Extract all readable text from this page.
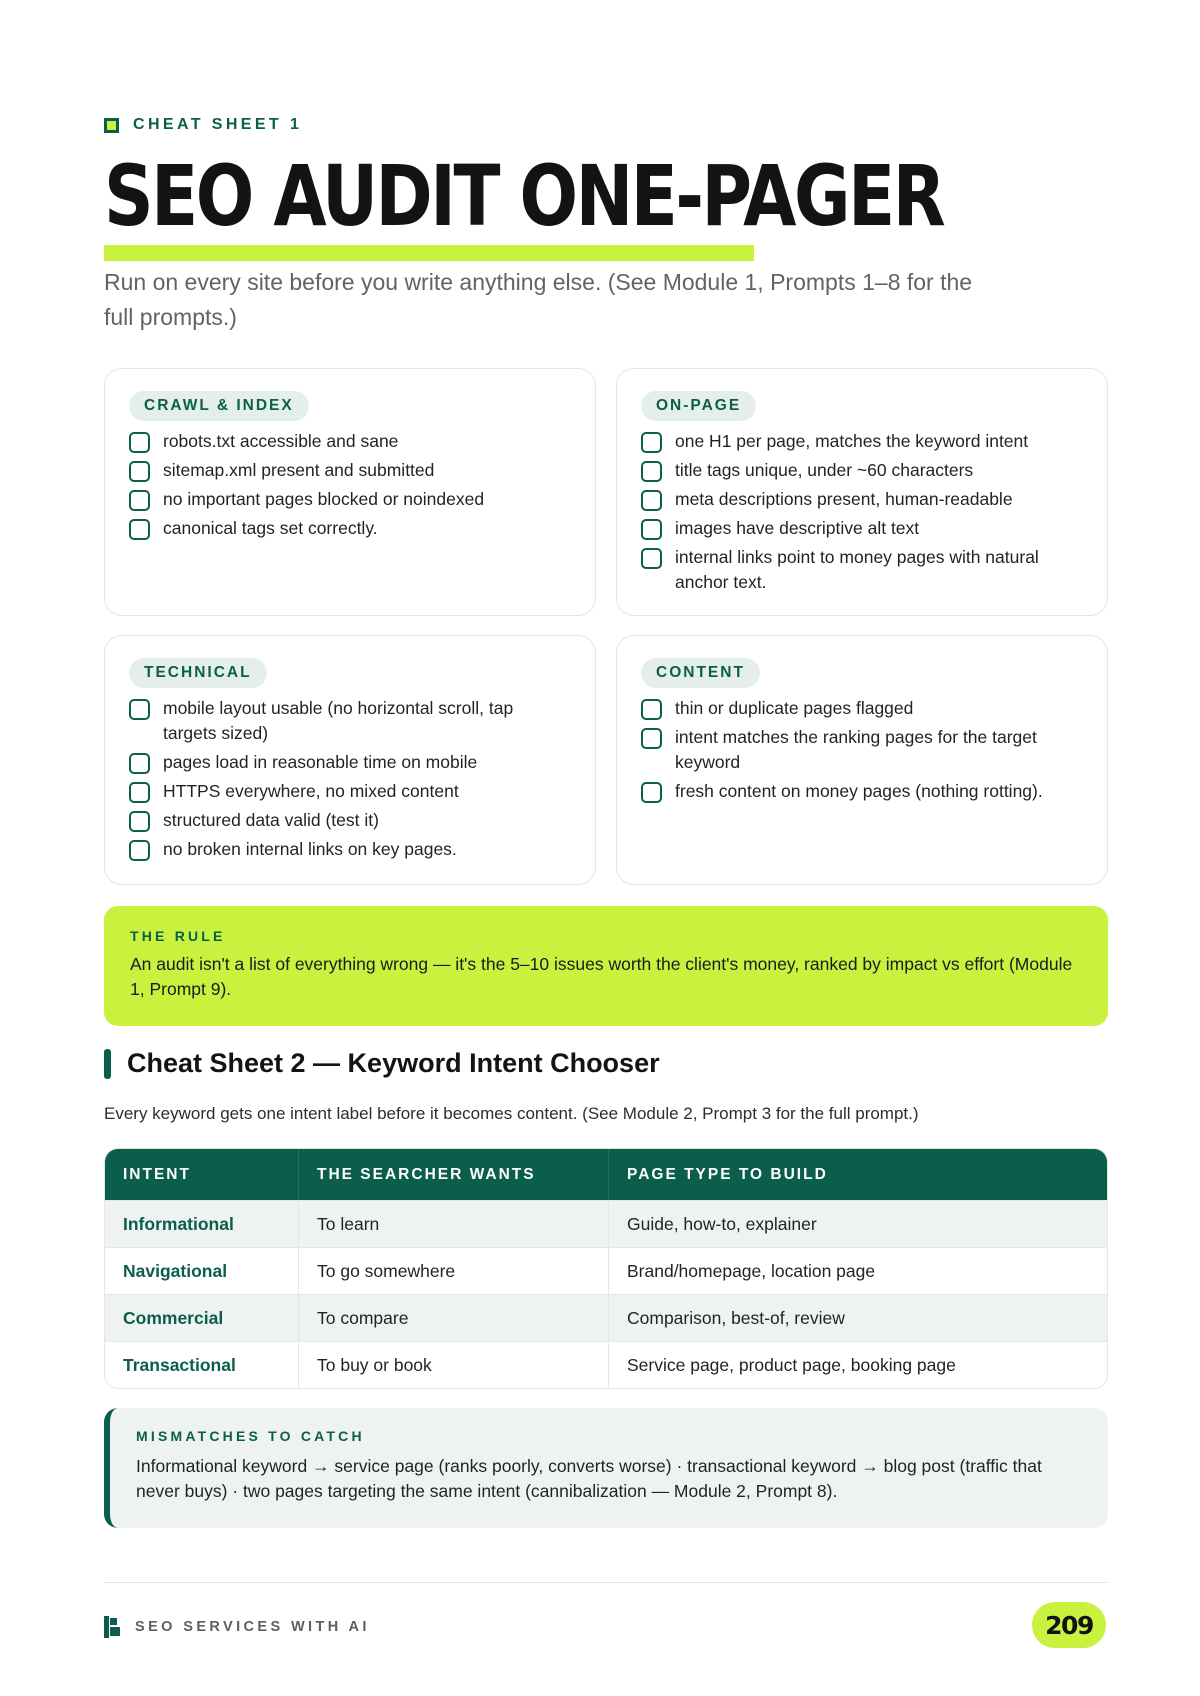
CHEAT SHEET 1
SEO AUDIT ONE-PAGER

Run on every site before you write anything else. (See Module 1, Prompts 1–8 for the full prompts.)

CRAWL & INDEX
robots.txt accessible and sane
sitemap.xml present and submitted
no important pages blocked or noindexed
canonical tags set correctly.
ON-PAGE
one H1 per page, matches the keyword intent
title tags unique, under ~60 characters
meta descriptions present, human-readable
images have descriptive alt text
internal links point to money pages with natural anchor text.
TECHNICAL
mobile layout usable (no horizontal scroll, tap targets sized)
pages load in reasonable time on mobile
HTTPS everywhere, no mixed content
structured data valid (test it)
no broken internal links on key pages.
CONTENT
thin or duplicate pages flagged
intent matches the ranking pages for the target keyword
fresh content on money pages (nothing rotting).
THE RULE

An audit isn't a list of everything wrong — it's the 5–10 issues worth the client's money, ranked by impact vs effort (Module 1, Prompt 9).

Cheat Sheet 2 — Keyword Intent Chooser

Every keyword gets one intent label before it becomes content. (See Module 2, Prompt 3 for the full prompt.)

INTENT	THE SEARCHER WANTS	PAGE TYPE TO BUILD
Informational	To learn	Guide, how-to, explainer
Navigational	To go somewhere	Brand/homepage, location page
Commercial	To compare	Comparison, best-of, review
Transactional	To buy or book	Service page, product page, booking page
MISMATCHES TO CATCH

Informational keyword → service page (ranks poorly, converts worse) · transactional keyword → blog post (traffic that never buys) · two pages targeting the same intent (cannibalization — Module 2, Prompt 8).

SEO SERVICES WITH AI	209
